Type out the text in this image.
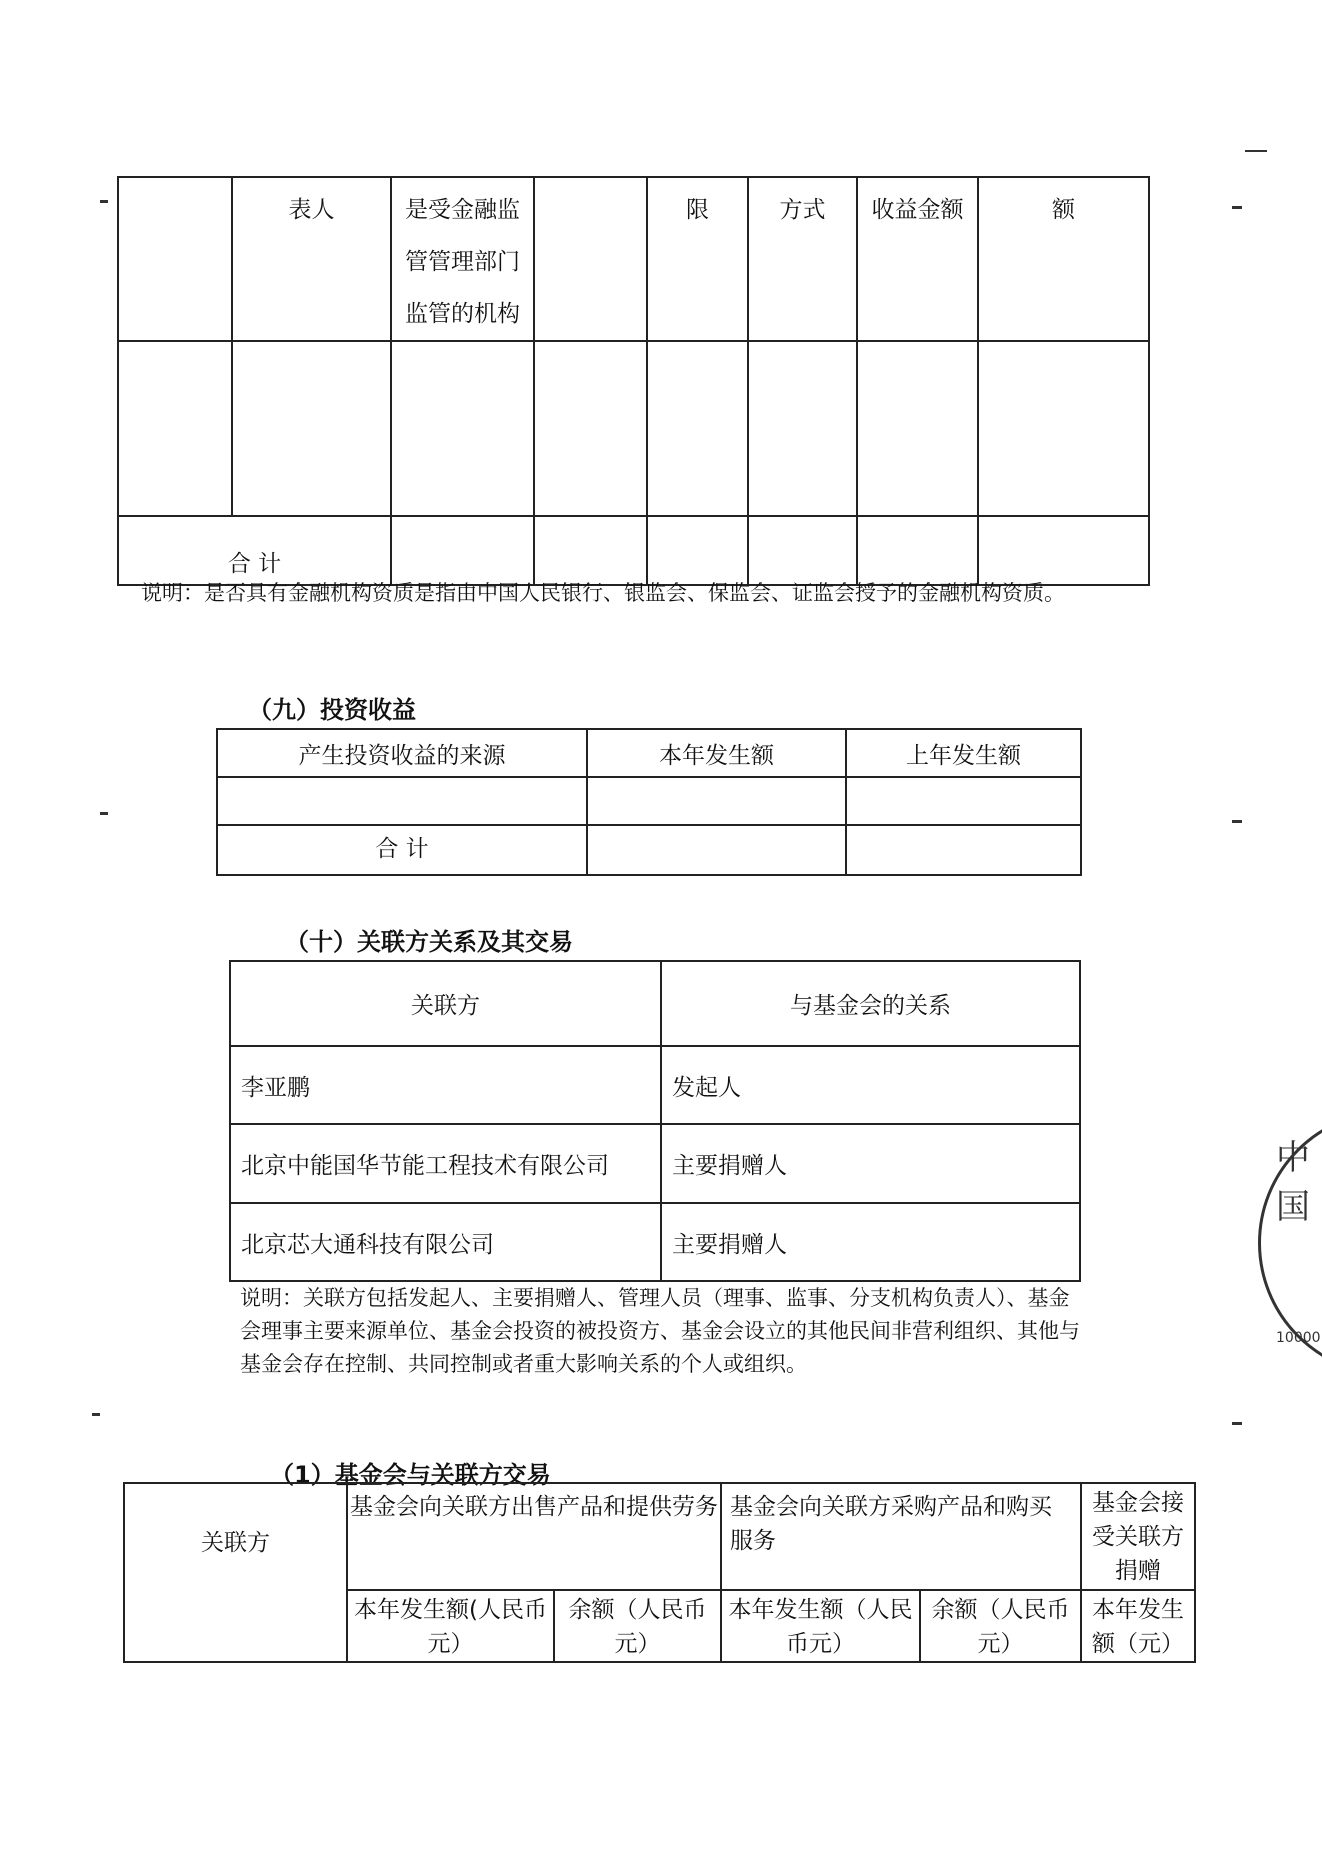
	表人	是受金融监
管管理部门
监管的机构		限	方式	收益金额	额

合 计							
说明：是否具有金融机构资质是指由中国人民银行、银监会、保监会、证监会授予的金融机构资质。
（九）投资收益
产生投资收益的来源	本年发生额	上年发生额

合 计		
（十）关联方关系及其交易
关联方	与基金会的关系
李亚鹏	发起人
北京中能国华节能工程技术有限公司	主要捐赠人
北京芯大通科技有限公司	主要捐赠人
说明：关联方包括发起人、主要捐赠人、管理人员（理事、监事、分支机构负责人）、基金会理事主要来源单位、基金会投资的被投资方、基金会设立的其他民间非营利组织、其他与基金会存在控制、共同控制或者重大影响关系的个人或组织。
（1）基金会与关联方交易
关联方	基金会向关联方出售产品和提供劳务		基金会向关联方采购产品和购买服务		基金会接受关联方捐赠
	本年发生额(人民币元）	余额（人民币元）	本年发生额（人民币元）	余额（人民币元）	本年发生额（元）
中国
10000
